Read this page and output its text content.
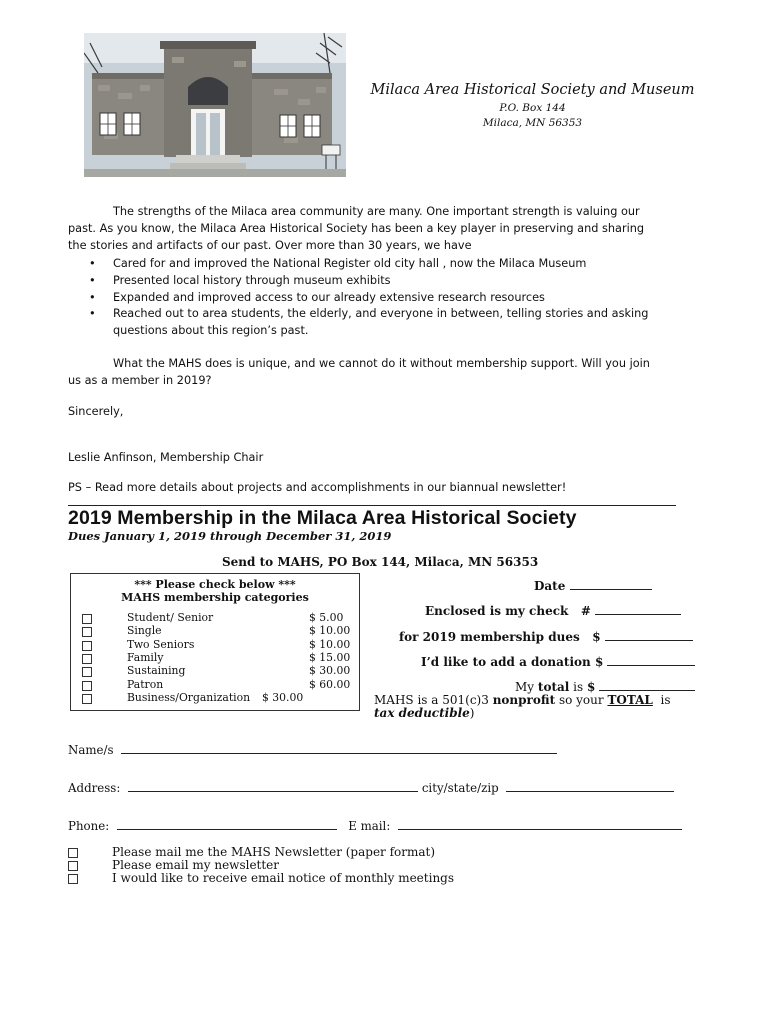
Milaca Area Historical Society and Museum
P.O. Box 144
Milaca, MN 56353
The strengths of the Milaca area community are many. One important strength is valuing our
past. As you know, the Milaca Area Historical Society has been a key player in preserving and sharing
the stories and artifacts of our past. Over more than 30 years, we have
• Cared for and improved the National Register old city hall , now the Milaca Museum
• Presented local history through museum exhibits
• Expanded and improved access to our already extensive research resources
• Reached out to area students, the elderly, and everyone in between, telling stories and asking questions about this region’s past.
What the MAHS does is unique, and we cannot do it without membership support. Will you join
us as a member in 2019?
Sincerely,
Leslie Anfinson, Membership Chair
PS – Read more details about projects and accomplishments in our biannual newsletter!
2019 Membership in the Milaca Area Historical Society
Dues January 1, 2019 through December 31, 2019
Send to MAHS, PO Box 144, Milaca, MN 56353
*** Please check below ***
MAHS membership categories
Student/ Senior	$ 5.00
Single	$ 10.00
Two Seniors	$ 10.00
Family	$ 15.00
Sustaining	$ 30.00
Patron	$ 60.00
Business/Organization $ 30.00
Date
Enclosed is my check #
for 2019 membership dues $
I’d like to add a donation $
My total is $
MAHS is a 501(c)3 nonprofit so your TOTAL is
tax deductible)
Name/s
Address:	city/state/zip
Phone:	E mail:
Please mail me the MAHS Newsletter (paper format)
Please email my newsletter
I would like to receive email notice of monthly meetings
